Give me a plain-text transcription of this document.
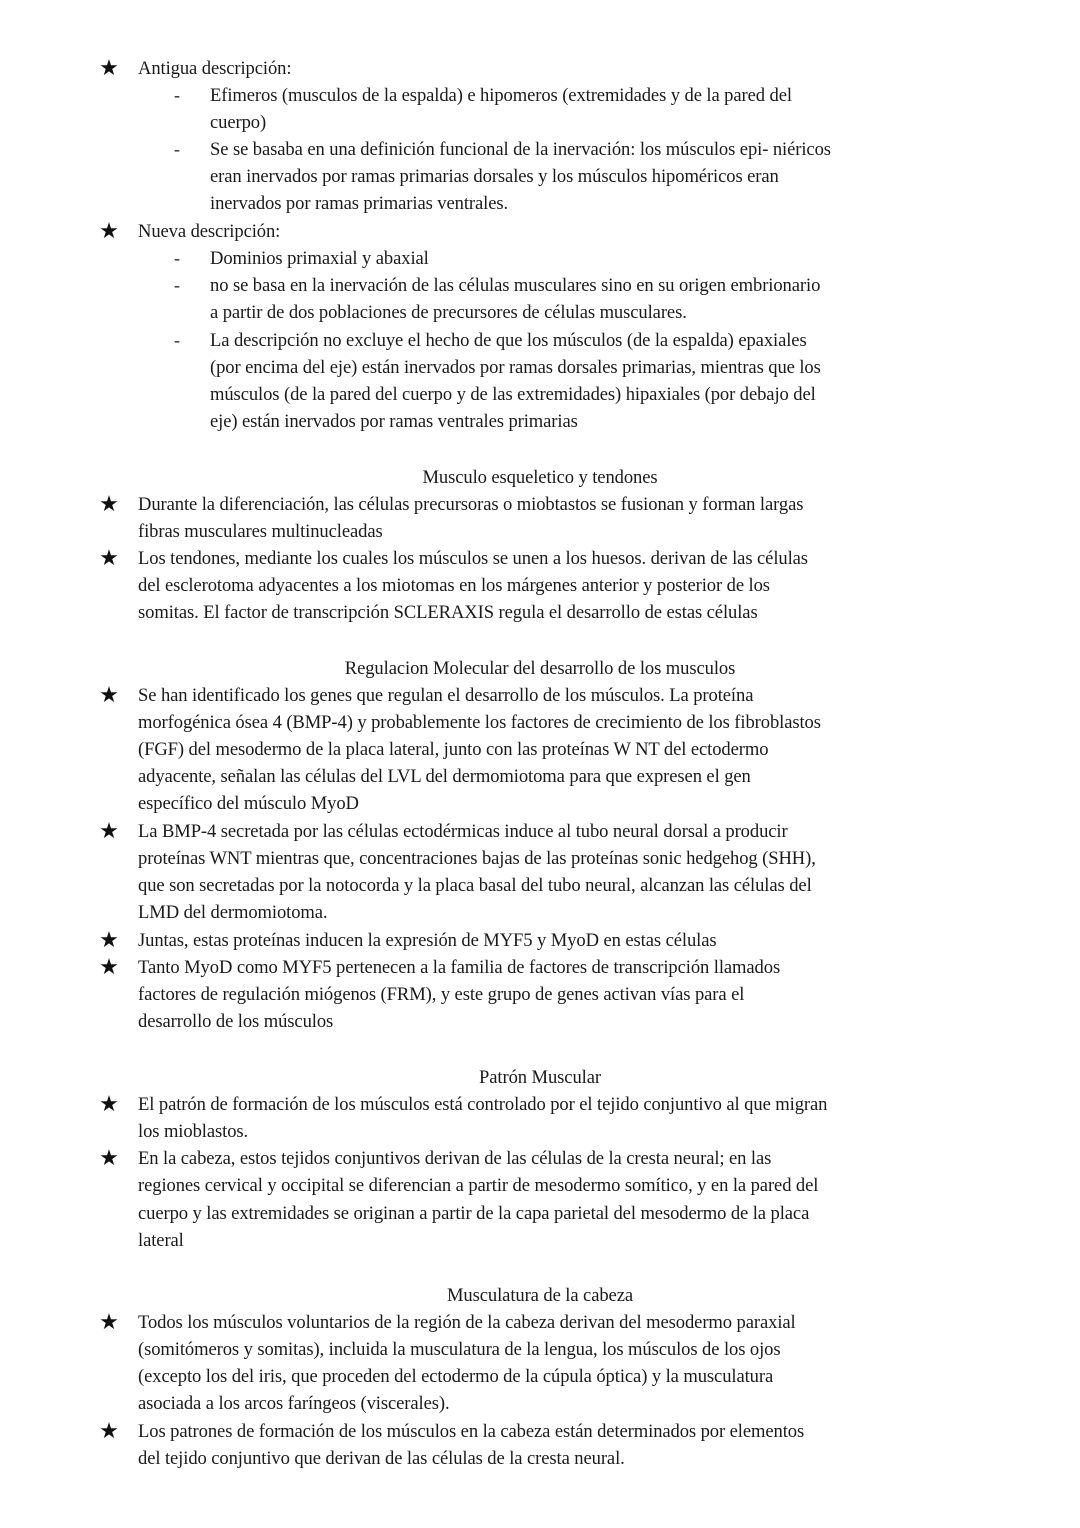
★ Antigua descripción:
- Efimeros (musculos de la espalda) e hipomeros (extremidades y de la pared del
cuerpo)
- Se se basaba en una definición funcional de la inervación: los músculos epi- niéricos
eran inervados por ramas primarias dorsales y los músculos hipoméricos eran
inervados por ramas primarias ventrales.
★ Nueva descripción:
- Dominios primaxial y abaxial
- no se basa en la inervación de las células musculares sino en su origen embrionario
a partir de dos poblaciones de precursores de células musculares.
- La descripción no excluye el hecho de que los músculos (de la espalda) epaxiales
(por encima del eje) están inervados por ramas dorsales primarias, mientras que los
músculos (de la pared del cuerpo y de las extremidades) hipaxiales (por debajo del
eje) están inervados por ramas ventrales primarias
Musculo esqueletico y tendones
★ Durante la diferenciación, las células precursoras o miobtastos se fusionan y forman largas
fibras musculares multinucleadas
★ Los tendones, mediante los cuales los músculos se unen a los huesos. derivan de las células
del esclerotoma adyacentes a los miotomas en los márgenes anterior y posterior de los
somitas. El factor de transcripción SCLERAXIS regula el desarrollo de estas células
Regulacion Molecular del desarrollo de los musculos
★ Se han identificado los genes que regulan el desarrollo de los músculos. La proteína
morfogénica ósea 4 (BMP-4) y probablemente los factores de crecimiento de los fibroblastos
(FGF) del mesodermo de la placa lateral, junto con las proteínas W NT del ectodermo
adyacente, señalan las células del LVL del dermomiotoma para que expresen el gen
específico del músculo MyoD
★ La BMP-4 secretada por las células ectodérmicas induce al tubo neural dorsal a producir
proteínas WNT mientras que, concentraciones bajas de las proteínas sonic hedgehog (SHH),
que son secretadas por la notocorda y la placa basal del tubo neural, alcanzan las células del
LMD del dermomiotoma.
★ Juntas, estas proteínas inducen la expresión de MYF5 y MyoD en estas células
★ Tanto MyoD como MYF5 pertenecen a la familia de factores de transcripción llamados
factores de regulación miógenos (FRM), y este grupo de genes activan vías para el
desarrollo de los músculos
Patrón Muscular
★ El patrón de formación de los músculos está controlado por el tejido conjuntivo al que migran
los mioblastos.
★ En la cabeza, estos tejidos conjuntivos derivan de las células de la cresta neural; en las
regiones cervical y occipital se diferencian a partir de mesodermo somítico, y en la pared del
cuerpo y las extremidades se originan a partir de la capa parietal del mesodermo de la placa
lateral
Musculatura de la cabeza
★ Todos los músculos voluntarios de la región de la cabeza derivan del mesodermo paraxial
(somitómeros y somitas), incluida la musculatura de la lengua, los músculos de los ojos
(excepto los del iris, que proceden del ectodermo de la cúpula óptica) y la musculatura
asociada a los arcos faríngeos (viscerales).
★ Los patrones de formación de los músculos en la cabeza están determinados por elementos
del tejido conjuntivo que derivan de las células de la cresta neural.
